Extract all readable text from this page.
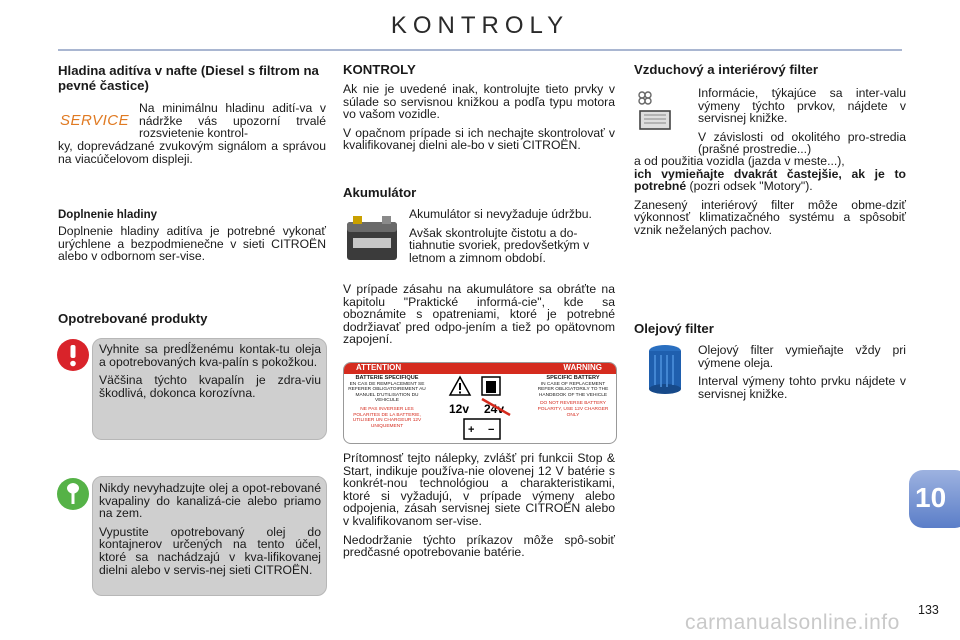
KONTROLY

Hladina aditíva v nafte (Diesel s filtrom na pevné častice)

SERVICE

Na minimálnu hladinu adití-va v nádržke vás upozorní trvalé rozsvietenie kontrol-

ky, doprevádzané zvukovým signálom a správou na viacúčelovom displeji.

Doplnenie hladiny

Doplnenie hladiny aditíva je potrebné vykonať urýchlene a bezpodmienečne v sieti CITROËN alebo v odbornom ser-vise.

Opotrebované produkty

Vyhnite sa predĺženému kontak-tu oleja a opotrebovaných kva-palín s pokožkou.

Väčšina týchto kvapalín je zdra-viu škodlivá, dokonca korozívna.

Nikdy nevyhadzujte olej a opot-rebované kvapaliny do kanalizá-cie alebo priamo na zem.

Vypustite opotrebovaný olej do kontajnerov určených na tento účel, ktoré sa nachádzajú v kva-lifikovanej dielni alebo v servis-nej sieti CITROËN.

KONTROLY

Ak nie je uvedené inak, kontrolujte tieto prvky v súlade so servisnou knižkou a podľa typu motora vo vašom vozidle.

V opačnom prípade si ich nechajte skontrolovať v kvalifikovanej dielni ale-bo v sieti CITROËN.

Akumulátor

Akumulátor si nevyžaduje údržbu.

Avšak skontrolujte čistotu a do-tiahnutie svoriek, predovšetkým v letnom a zimnom období.

V prípade zásahu na akumulátore sa obráťte na kapitolu "Praktické informá-cie", kde sa oboznámite s opatreniami, ktoré je potrebné dodržiavať pred odpo-jením a tiež po opätovnom zapojení.

ATTENTION	WARNING
BATTERIE SPECIFIQUE
EN CAS DE REMPLACEMENT SE REFERER OBLIGATOIREMENT AU MANUEL D'UTILISATION DU VEHICULE
NE PAS INVERSER LES POLARITES DE LA BATTERIE, UTILISER UN CHARGEUR 12V UNIQUEMENT
SPECIFIC BATTERY
IN CASE OF REPLACEMENT REFER OBLIGATORILY TO THE HANDBOOK OF THE VEHICLE
DO NOT REVERSE BATTERY POLARITY, USE 12V CHARGER ONLY
12v 24v
+ −

Prítomnosť tejto nálepky, zvlášť pri funkcii Stop & Start, indikuje používa-nie olovenej 12 V batérie s konkrét-nou technológiou a charakteristikami, ktoré si vyžadujú, v prípade výmeny alebo odpojenia, zásah servisnej siete CITROËN alebo v kvalifikovanom ser-vise.

Nedodržanie týchto príkazov môže spô-sobiť predčasné opotrebovanie batérie.

Vzduchový a interiérový filter

Informácie, týkajúce sa inter-valu výmeny týchto prvkov, nájdete v servisnej knižke.

V závislosti od okolitého pro-stredia (prašné prostredie...)

a od použitia vozidla (jazda v meste...),

ich vymieňajte dvakrát častejšie, ak je to potrebné (pozri odsek "Motory").

Zanesený interiérový filter môže obme-dziť výkonnosť klimatizačného systému a spôsobiť vznik neželaných pachov.

Olejový filter

Olejový filter vymieňajte vždy pri výmene oleja.

Interval výmeny tohto prvku nájdete v servisnej knižke.

10
carmanualsonline.info
133
